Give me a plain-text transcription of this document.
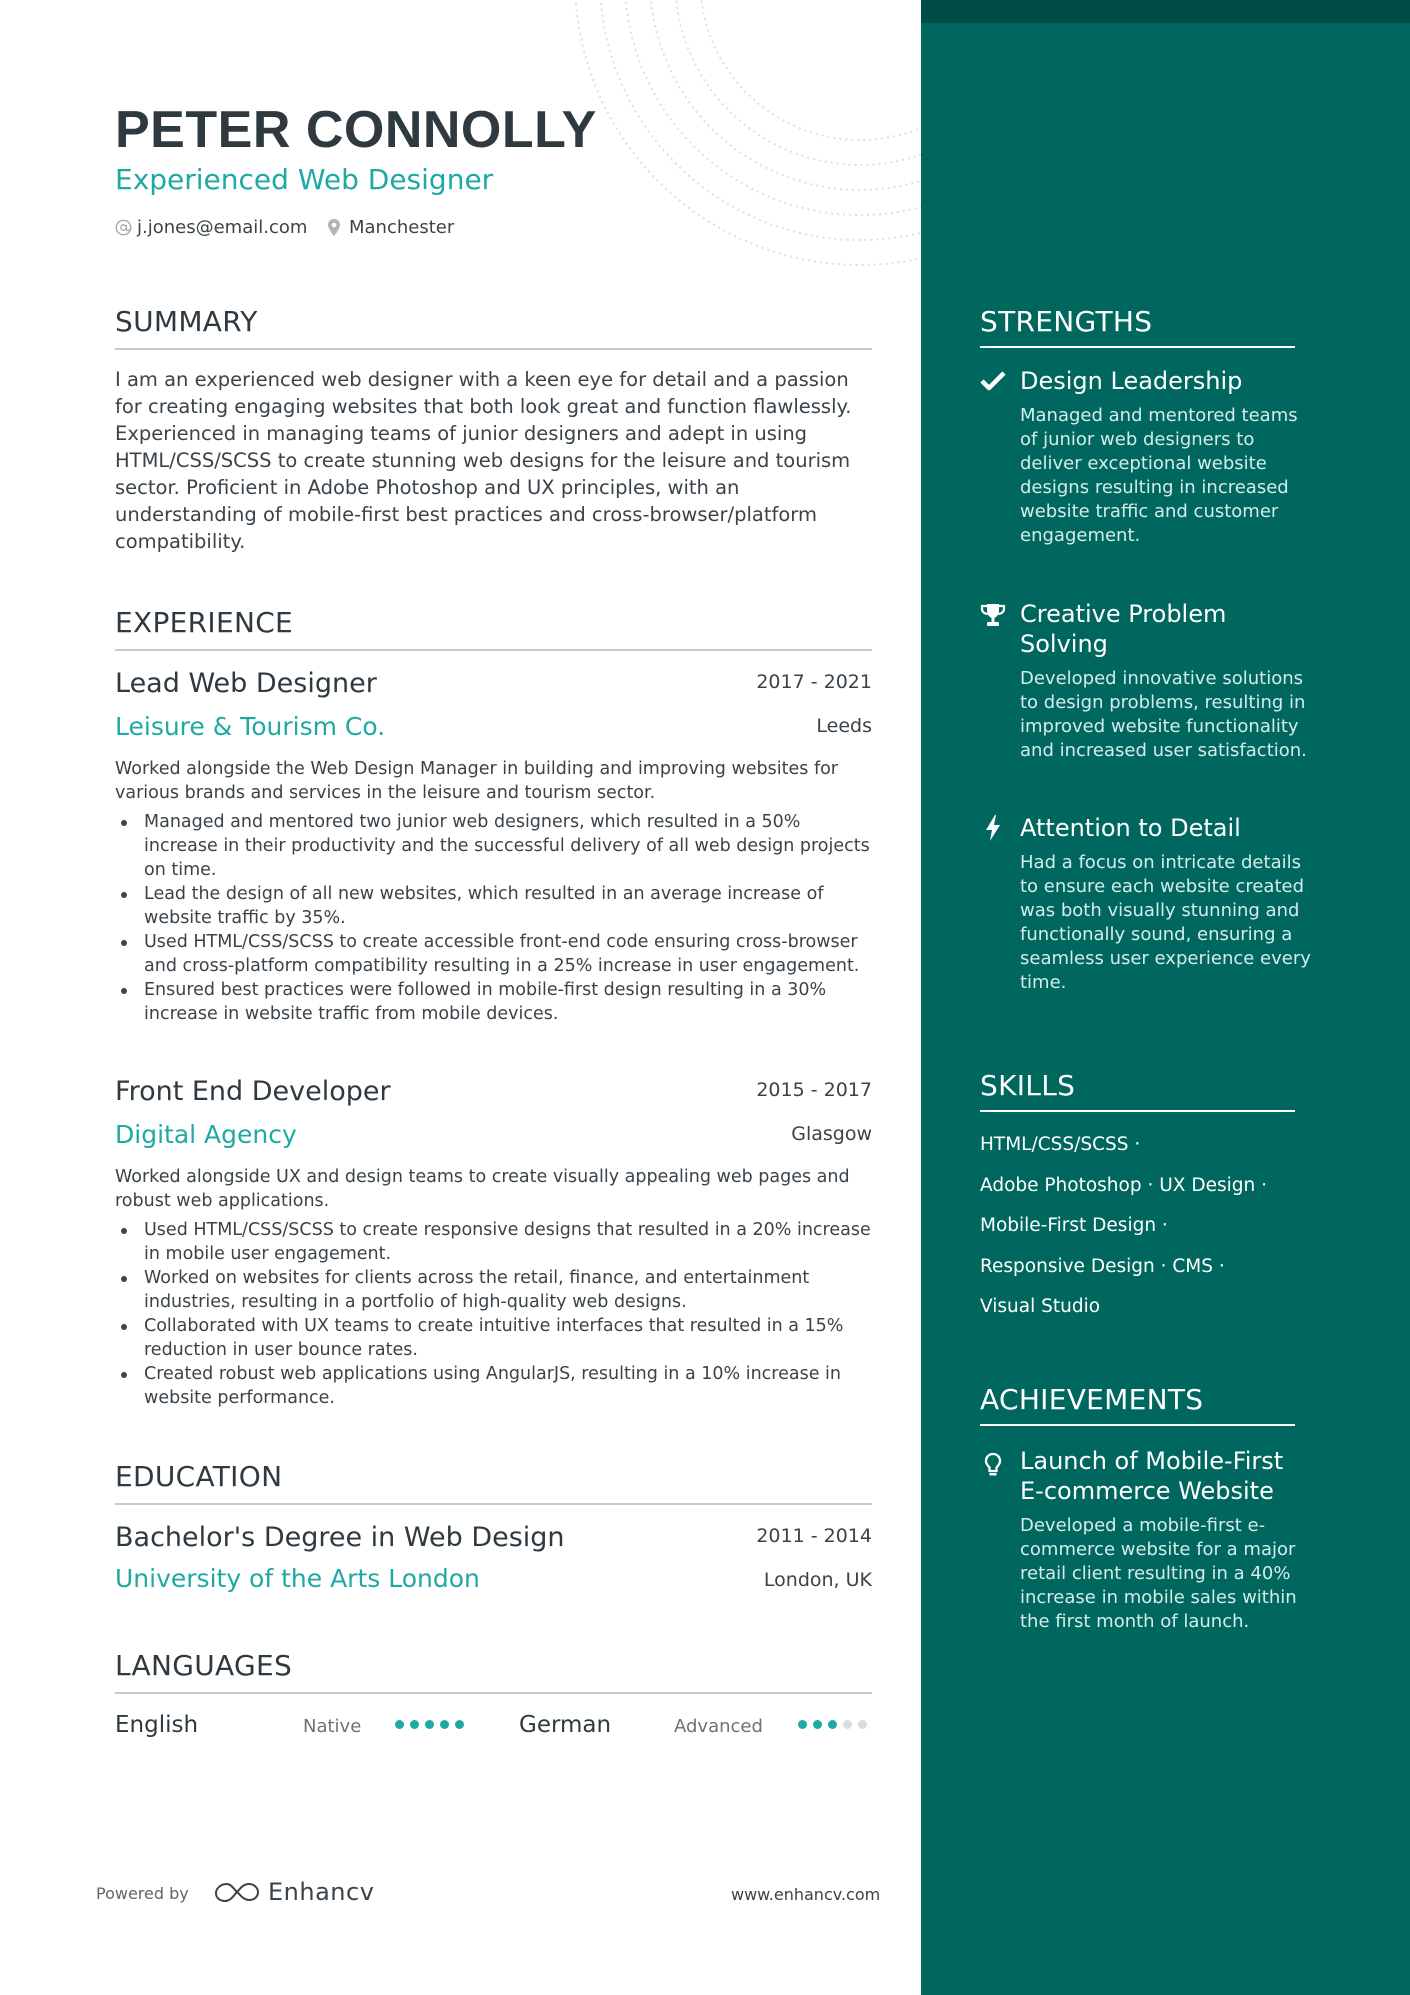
PETER CONNOLLY
Experienced Web Designer
j.jones@email.com Manchester
SUMMARY
I am an experienced web designer with a keen eye for detail and a passion for creating engaging websites that both look great and function flawlessly. Experienced in managing teams of junior designers and adept in using HTML/CSS/SCSS to create stunning web designs for the leisure and tourism sector. Proficient in Adobe Photoshop and UX principles, with an understanding of mobile-first best practices and cross-browser/platform compatibility.
EXPERIENCE
Lead Web Designer	2017 - 2021
Leisure & Tourism Co.	Leeds
Worked alongside the Web Design Manager in building and improving websites for various brands and services in the leisure and tourism sector.
Managed and mentored two junior web designers, which resulted in a 50% increase in their productivity and the successful delivery of all web design projects on time.
Lead the design of all new websites, which resulted in an average increase of website traffic by 35%.
Used HTML/CSS/SCSS to create accessible front-end code ensuring cross-browser and cross-platform compatibility resulting in a 25% increase in user engagement.
Ensured best practices were followed in mobile-first design resulting in a 30% increase in website traffic from mobile devices.
Front End Developer	2015 - 2017
Digital Agency	Glasgow
Worked alongside UX and design teams to create visually appealing web pages and robust web applications.
Used HTML/CSS/SCSS to create responsive designs that resulted in a 20% increase in mobile user engagement.
Worked on websites for clients across the retail, finance, and entertainment industries, resulting in a portfolio of high-quality web designs.
Collaborated with UX teams to create intuitive interfaces that resulted in a 15% reduction in user bounce rates.
Created robust web applications using AngularJS, resulting in a 10% increase in website performance.
EDUCATION
Bachelor's Degree in Web Design	2011 - 2014
University of the Arts London	London, UK
LANGUAGES
English	Native	German	Advanced
Powered by	Enhancv	www.enhancv.com
STRENGTHS
Design Leadership
Managed and mentored teams of junior web designers to deliver exceptional website designs resulting in increased website traffic and customer engagement.
Creative Problem Solving
Developed innovative solutions to design problems, resulting in improved website functionality and increased user satisfaction.
Attention to Detail
Had a focus on intricate details to ensure each website created was both visually stunning and functionally sound, ensuring a seamless user experience every time.
SKILLS
HTML/CSS/SCSS ·
Adobe Photoshop · UX Design ·
Mobile-First Design ·
Responsive Design · CMS ·
Visual Studio
ACHIEVEMENTS
Launch of Mobile-First E-commerce Website
Developed a mobile-first e-commerce website for a major retail client resulting in a 40% increase in mobile sales within the first month of launch.
